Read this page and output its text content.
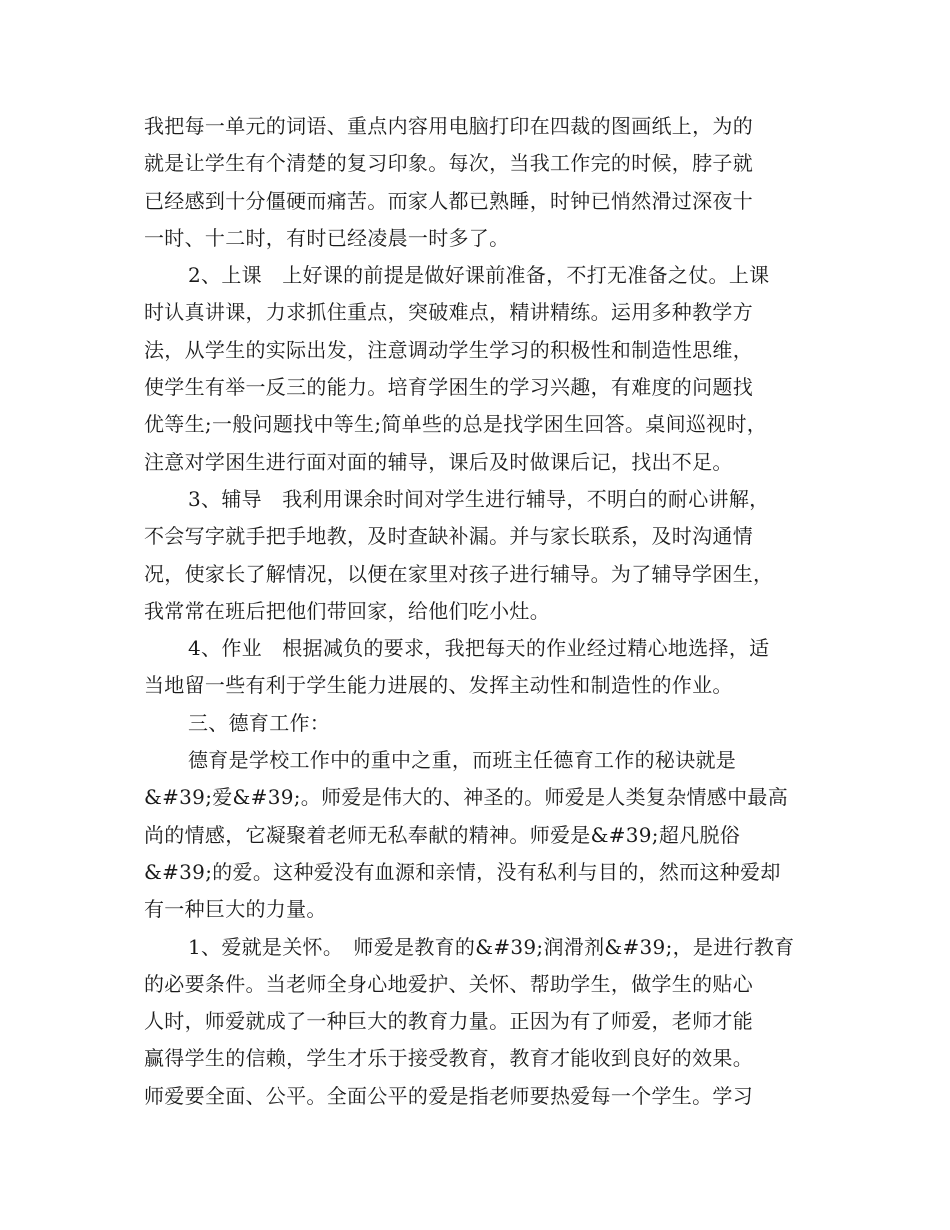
我把每一单元的词语、重点内容用电脑打印在四裁的图画纸上，为的
就是让学生有个清楚的复习印象。每次，当我工作完的时候，脖子就
已经感到十分僵硬而痛苦。而家人都已熟睡，时钟已悄然滑过深夜十
一时、十二时，有时已经凌晨一时多了。
2、上课　上好课的前提是做好课前准备，不打无准备之仗。上课
时认真讲课，力求抓住重点，突破难点，精讲精练。运用多种教学方
法，从学生的实际出发，注意调动学生学习的积极性和制造性思维，
使学生有举一反三的能力。培育学困生的学习兴趣，有难度的问题找
优等生;一般问题找中等生;简单些的总是找学困生回答。桌间巡视时，
注意对学困生进行面对面的辅导，课后及时做课后记，找出不足。
3、辅导　我利用课余时间对学生进行辅导，不明白的耐心讲解，
不会写字就手把手地教，及时查缺补漏。并与家长联系，及时沟通情
况，使家长了解情况，以便在家里对孩子进行辅导。为了辅导学困生，
我常常在班后把他们带回家，给他们吃小灶。
4、作业　根据减负的要求，我把每天的作业经过精心地选择，适
当地留一些有利于学生能力进展的、发挥主动性和制造性的作业。
三、德育工作：
德育是学校工作中的重中之重，而班主任德育工作的秘诀就是
&#39;爱&#39;。师爱是伟大的、神圣的。师爱是人类复杂情感中最高
尚的情感，它凝聚着老师无私奉献的精神。师爱是&#39;超凡脱俗
&#39;的爱。这种爱没有血源和亲情，没有私利与目的，然而这种爱却
有一种巨大的力量。
1、爱就是关怀。　师爱是教育的&#39;润滑剂&#39;，是进行教育
的必要条件。当老师全身心地爱护、关怀、帮助学生，做学生的贴心
人时，师爱就成了一种巨大的教育力量。正因为有了师爱，老师才能
赢得学生的信赖，学生才乐于接受教育，教育才能收到良好的效果。
师爱要全面、公平。全面公平的爱是指老师要热爱每一个学生。学习
